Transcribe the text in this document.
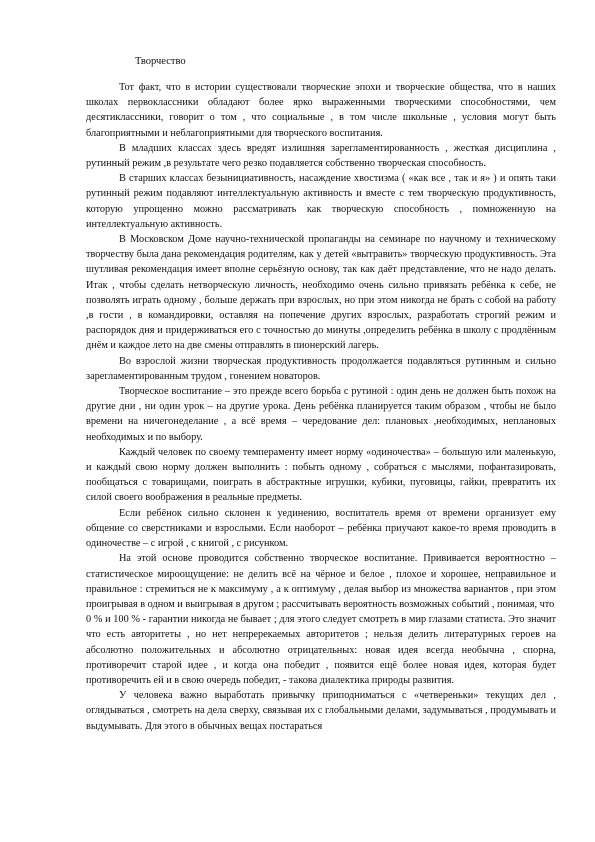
Творчество

Тот факт, что в истории существовали творческие эпохи и творческие общества, что в наших школах первоклассники обладают более ярко выраженными творческими способностями, чем десятиклассники, говорит о том , что социальные , в том числе школьные , условия могут быть благоприятными и неблагоприятными для творческого воспитания.

В младших классах здесь вредят излишняя зарегламентированность , жесткая дисциплина , рутинный режим ,в результате чего резко подавляется собственно творческая способность.

В старших классах безынициативность, насаждение хвостизма ( «как все , так и я» ) и опять таки рутинный режим подавляют интеллектуальную активность и вместе с тем творческую продуктивность, которую упрощенно можно рассматривать как творческую способность , помноженную на интеллектуальную активность.

В Московском Доме научно-технической пропаганды на семинаре по научному и техническому творчеству была дана рекомендация родителям, как у детей «вытравить» творческую продуктивность. Эта шутливая рекомендация имеет вполне серьёзную основу, так как даёт представление, что не надо делать. Итак , чтобы сделать нетворческую личность, необходимо очень сильно привязать ребёнка к себе, не позволять играть одному , больше держать при взрослых, но при этом никогда не брать с собой на работу ,в гости , в командировки, оставляя на попечение других взрослых, разработать строгий режим и распорядок дня и придерживаться его с точностью до минуты ,определить ребёнка в школу с продлённым днём и каждое лето на две смены отправлять в пионерский лагерь.

Во взрослой жизни творческая продуктивность продолжается подавляться рутинным и сильно зарегламентированным трудом , гонением новаторов.

Творческое воспитание – это прежде всего борьба с рутиной : один день не должен быть похож на другие дни , ни один урок – на другие урока. День ребёнка планируется таким образом , чтобы не было времени на ничегонеделание , а всё время – чередование дел: плановых ,необходимых, неплановых необходимых и по выбору.

Каждый человек по своему темпераменту имеет норму «одиночества» – большую или маленькую, и каждый свою норму должен выполнить : побыть одному , собраться с мыслями, пофантазировать, пообщаться с товарищами, поиграть в абстрактные игрушки, кубики, пуговицы, гайки, превратить их силой своего воображения в реальные предметы.

Если ребёнок сильно склонен к уединению, воспитатель время от времени организует ему общение со сверстниками и взрослыми. Если наоборот – ребёнка приучают какое-то время проводить в одиночестве – с игрой , с книгой , с рисунком.

На этой основе проводится собственно творческое воспитание. Прививается вероятностно – статистическое мироощущение: не делить всё на чёрное и белое , плохое и хорошее, неправильное и правильное : стремиться не к максимуму , а к оптимуму , делая выбор из множества вариантов , при этом проигрывая в одном и выигрывая в другом ; рассчитывать вероятность возможных событий , понимая, что

0 % и 100 % - гарантии никогда не бывает ; для этого следует смотреть в мир глазами статиста. Это значит что есть авторитеты , но нет непререкаемых авторитетов ; нельзя делить литературных героев на абсолютно положительных и абсолютно отрицательных: новая идея всегда необычна , спорна, противоречит старой идее , и когда она победит , появится ещё более новая идея, которая будет противоречить ей и в свою очередь победит, - такова диалектика природы развития.

У человека важно выработать привычку приподниматься с «четвереньки» текущих дел , оглядываться , смотреть на дела сверху, связывая их с глобальными делами, задумываться , продумывать и выдумывать. Для этого в обычных вещах постараться
